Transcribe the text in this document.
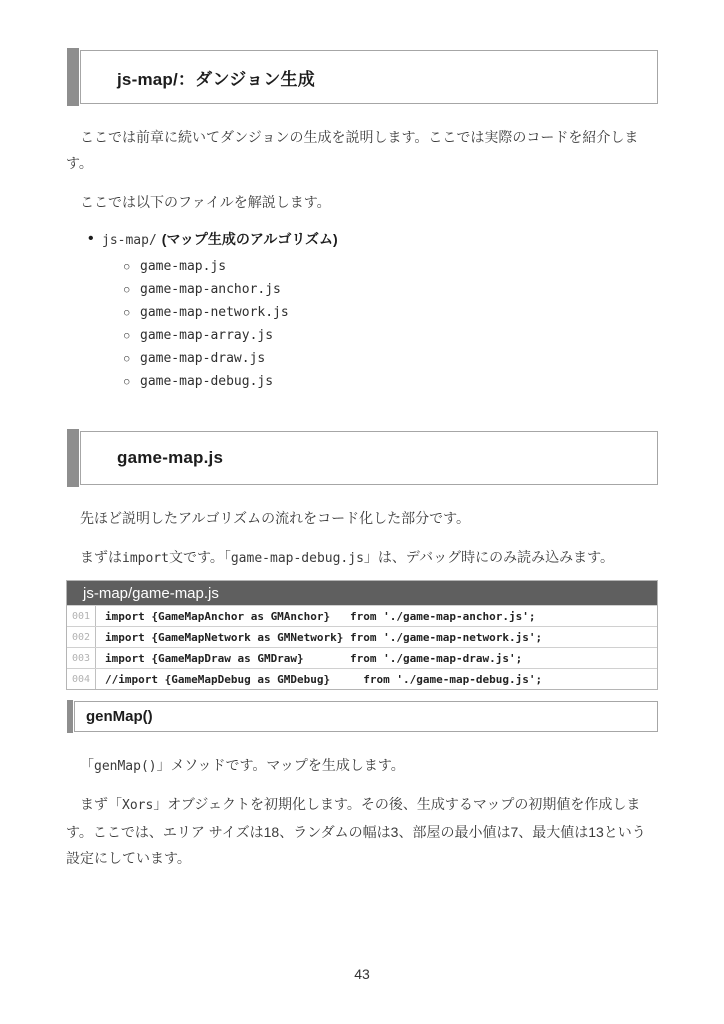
js-map/：ダンジョン生成

ここでは前章に続いてダンジョンの生成を説明します。ここでは実際のコードを紹介します。

ここでは以下のファイルを解説します。

• js-map/ (マップ生成のアルゴリズム)
○ game-map.js
○ game-map-anchor.js
○ game-map-network.js
○ game-map-array.js
○ game-map-draw.js
○ game-map-debug.js
game-map.js

先ほど説明したアルゴリズムの流れをコード化した部分です。

まずはimport文です。「game-map-debug.js」は、デバッグ時にのみ読み込みます。

js-map/game-map.js
001	import {GameMapAnchor as GMAnchor}   from './game-map-anchor.js';
002	import {GameMapNetwork as GMNetwork} from './game-map-network.js';
003	import {GameMapDraw as GMDraw}       from './game-map-draw.js';
004	//import {GameMapDebug as GMDebug}     from './game-map-debug.js';
genMap()

「genMap()」メソッドです。マップを生成します。

まず「Xors」オブジェクトを初期化します。その後、生成するマップの初期値を作成します。ここでは、エリア サイズは18、ランダムの幅は3、部屋の最小値は7、最大値は13という設定にしています。

43
